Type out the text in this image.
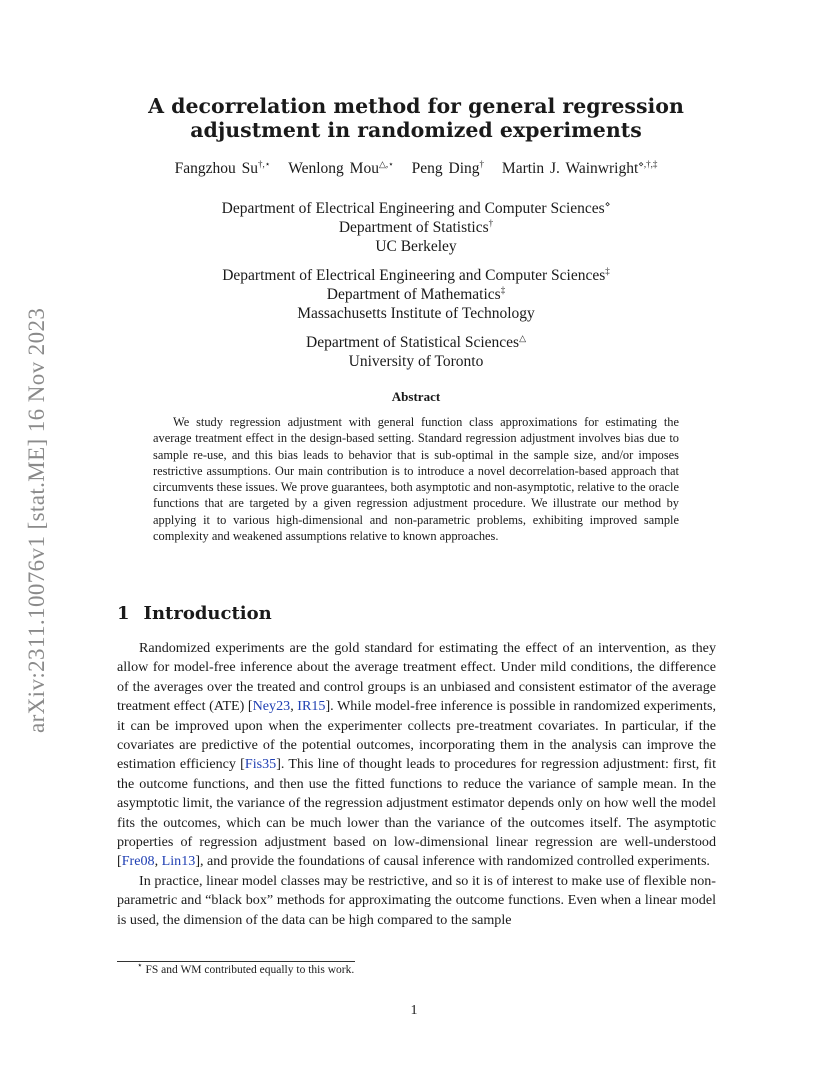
arXiv:2311.10076v1 [stat.ME] 16 Nov 2023
A decorrelation method for general regression
adjustment in randomized experiments
Fangzhou Su†,⋆ Wenlong Mou△,⋆ Peng Ding† Martin J. Wainwright⋄,†,‡
Department of Electrical Engineering and Computer Sciences⋄
Department of Statistics†
UC Berkeley
Department of Electrical Engineering and Computer Sciences‡
Department of Mathematics‡
Massachusetts Institute of Technology
Department of Statistical Sciences△
University of Toronto
Abstract

We study regression adjustment with general function class approximations for estimating the average treatment effect in the design-based setting. Standard regression adjustment involves bias due to sample re-use, and this bias leads to behavior that is sub-optimal in the sample size, and/or imposes restrictive assumptions. Our main contribution is to introduce a novel decorrelation-based approach that circumvents these issues. We prove guarantees, both asymptotic and non-asymptotic, relative to the oracle functions that are targeted by a given regression adjustment procedure. We illustrate our method by applying it to various high-dimensional and non-parametric problems, exhibiting improved sample complexity and weakened assumptions relative to known approaches.

1 Introduction

Randomized experiments are the gold standard for estimating the effect of an intervention, as they allow for model-free inference about the average treatment effect. Under mild conditions, the difference of the averages over the treated and control groups is an unbiased and consistent estimator of the average treatment effect (ATE) [Ney23, IR15]. While model-free inference is possible in randomized experiments, it can be improved upon when the experimenter collects pre-treatment covariates. In particular, if the covariates are predictive of the potential outcomes, incorporating them in the analysis can improve the estimation efficiency [Fis35]. This line of thought leads to procedures for regression adjustment: first, fit the outcome functions, and then use the fitted functions to reduce the variance of sample mean. In the asymptotic limit, the variance of the regression adjustment estimator depends only on how well the model fits the outcomes, which can be much lower than the variance of the outcomes itself. The asymptotic properties of regression adjustment based on low-dimensional linear regression are well-understood [Fre08, Lin13], and provide the foundations of causal inference with randomized controlled experiments.

In practice, linear model classes may be restrictive, and so it is of interest to make use of flexible non-parametric and “black box” methods for approximating the outcome functions. Even when a linear model is used, the dimension of the data can be high compared to the sample

⋆ FS and WM contributed equally to this work.
1
